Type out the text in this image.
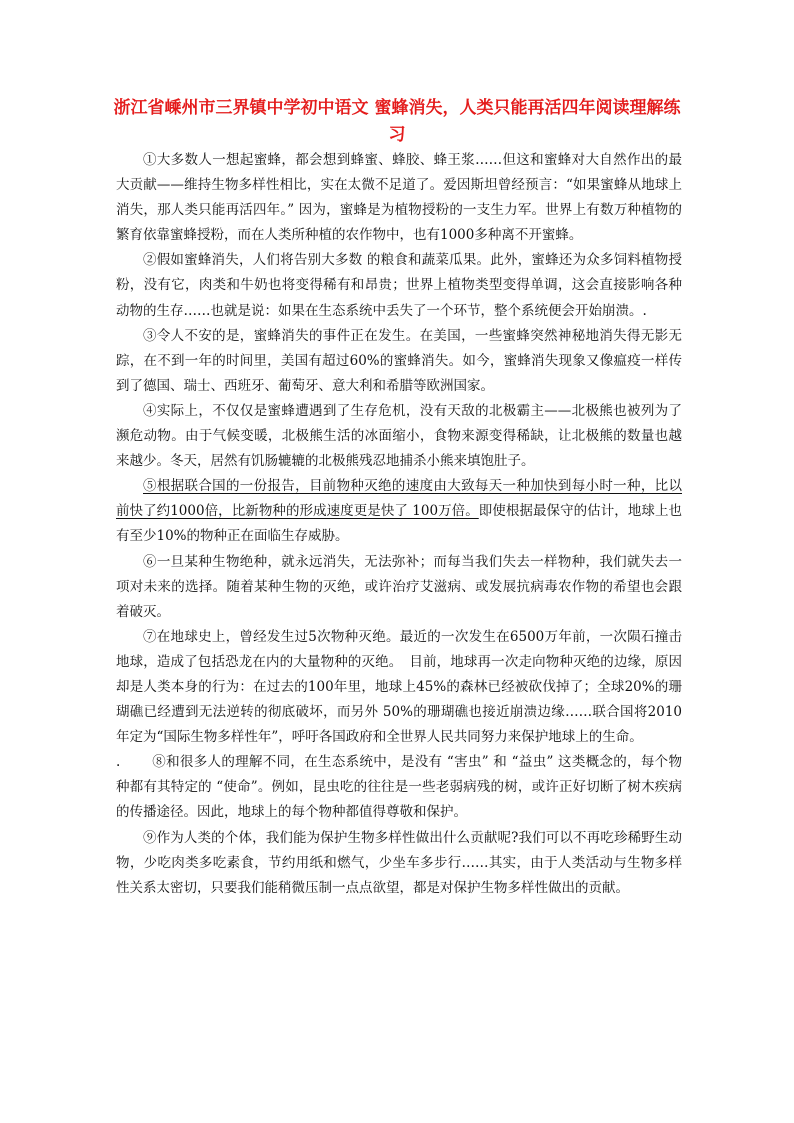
浙江省嵊州市三界镇中学初中语文 蜜蜂消失，人类只能再活四年阅读理解练习

①大多数人一想起蜜蜂，都会想到蜂蜜、蜂胶、蜂王浆……但这和蜜蜂对大自然作出的最大贡献——维持生物多样性相比，实在太微不足道了。爱因斯坦曾经预言：“如果蜜蜂从地球上消失，那人类只能再活四年。” 因为，蜜蜂是为植物授粉的一支生力军。世界上有数万种植物的繁育依靠蜜蜂授粉，而在人类所种植的农作物中，也有1000多种离不开蜜蜂。

②假如蜜蜂消失，人们将告别大多数 的粮食和蔬菜瓜果。此外，蜜蜂还为众多饲料植物授粉，没有它，肉类和牛奶也将变得稀有和昂贵；世界上植物类型变得单调，这会直接影响各种动物的生存……也就是说：如果在生态系统中丢失了一个环节，整个系统便会开始崩溃。.

③令人不安的是，蜜蜂消失的事件正在发生。在美国，一些蜜蜂突然神秘地消失得无影无踪，在不到一年的时间里，美国有超过60%的蜜蜂消失。如今，蜜蜂消失现象又像瘟疫一样传到了德国、瑞士、西班牙、葡萄牙、意大利和希腊等欧洲国家。

④实际上，不仅仅是蜜蜂遭遇到了生存危机，没有天敌的北极霸主——北极熊也被列为了濒危动物。由于气候变暖，北极熊生活的冰面缩小，食物来源变得稀缺，让北极熊的数量也越来越少。冬天，居然有饥肠辘辘的北极熊残忍地捕杀小熊来填饱肚子。

⑤根据联合国的一份报告，目前物种灭绝的速度由大致每天一种加快到每小时一种，比以前快了约1000倍，比新物种的形成速度更是快了 100万倍。即使根据最保守的估计，地球上也有至少10%的物种正在面临生存威胁。

⑥一旦某种生物绝种，就永远消失，无法弥补；而每当我们失去一样物种，我们就失去一项对未来的选择。随着某种生物的灭绝，或许治疗艾滋病、或发展抗病毒农作物的希望也会跟着破灭。

⑦在地球史上，曾经发生过5次物种灭绝。最近的一次发生在6500万年前，一次陨石撞击地球，造成了包括恐龙在内的大量物种的灭绝。　目前，地球再一次走向物种灭绝的边缘，原因却是人类本身的行为：在过去的100年里，地球上45%的森林已经被砍伐掉了；全球20%的珊瑚礁已经遭到无法逆转的彻底破坏，而另外 50%的珊瑚礁也接近崩溃边缘……联合国将2010年定为“国际生物多样性年”，呼吁各国政府和全世界人民共同努力来保护地球上的生命。

. ⑧和很多人的理解不同，在生态系统中，是没有 “害虫” 和 “益虫” 这类概念的，每个物种都有其特定的 “使命”。例如，昆虫吃的往往是一些老弱病残的树，或许正好切断了树木疾病的传播途径。因此，地球上的每个物种都值得尊敬和保护。

⑨作为人类的个体，我们能为保护生物多样性做出什么贡献呢?我们可以不再吃珍稀野生动物，少吃肉类多吃素食，节约用纸和燃气，少坐车多步行……其实，由于人类活动与生物多样性关系太密切，只要我们能稍微压制一点点欲望，都是对保护生物多样性做出的贡献。
